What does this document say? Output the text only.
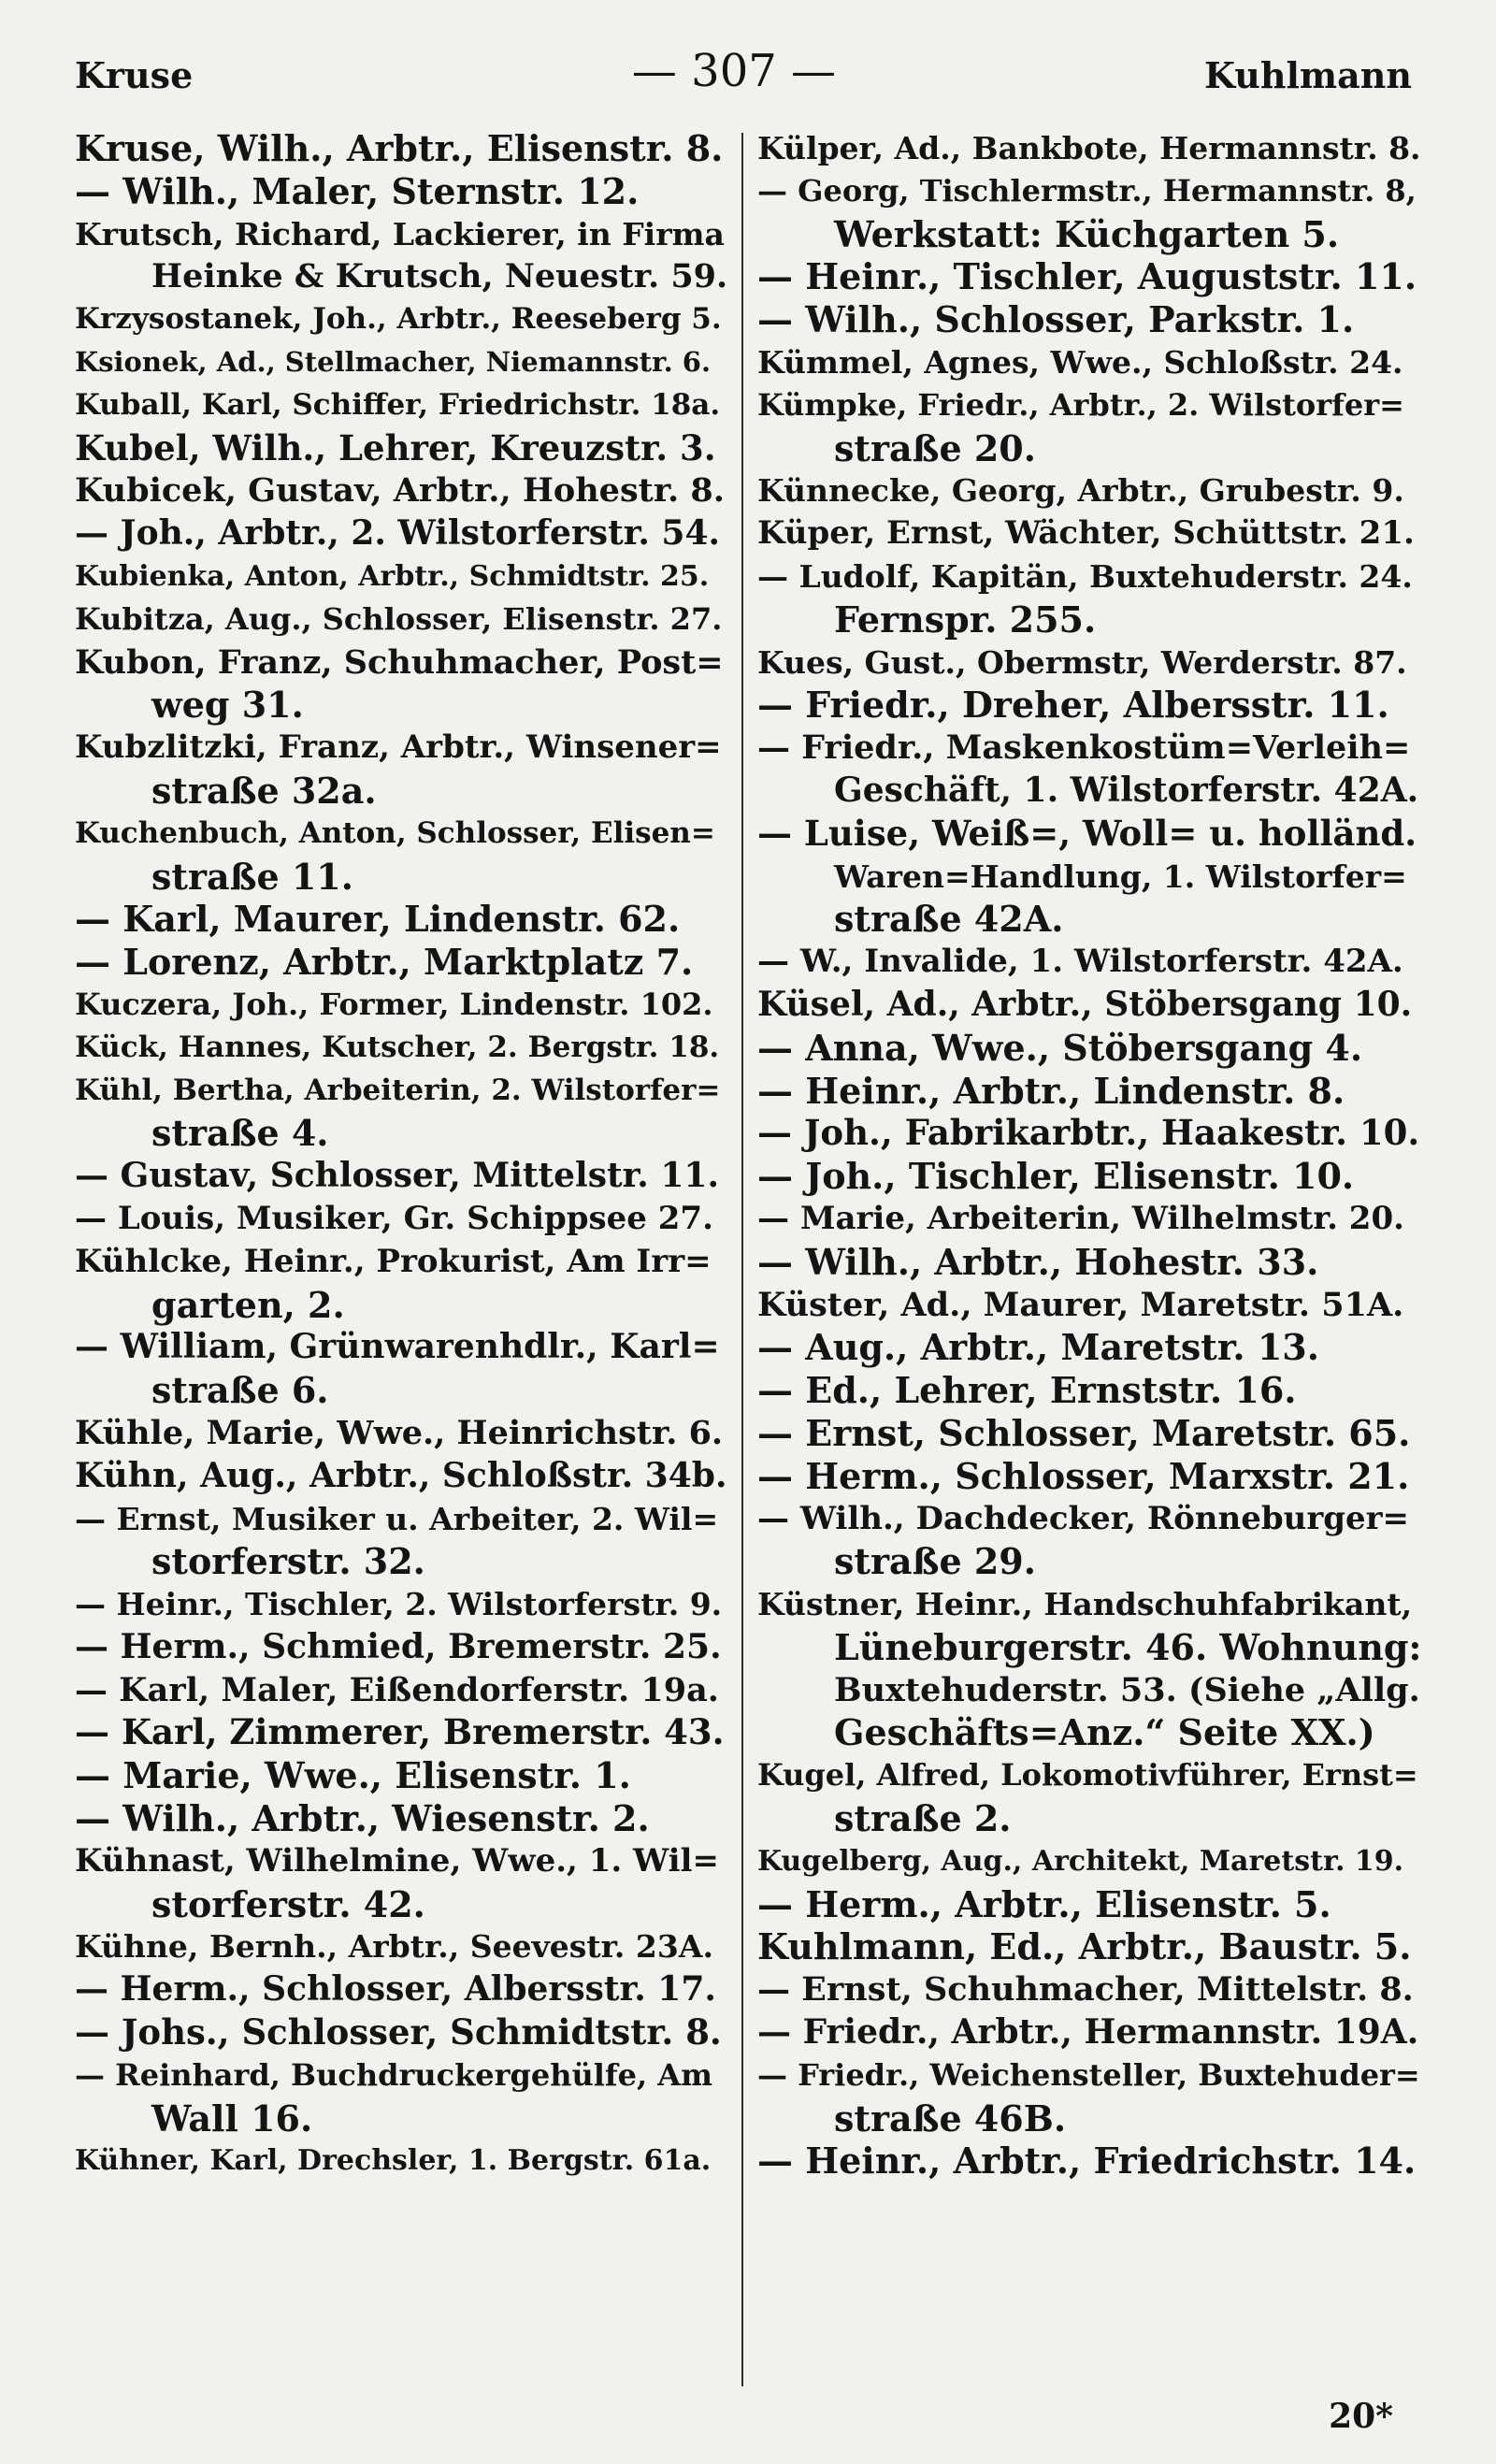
Kruse	— 307 —	Kuhlmann
Kruse, Wilh., Arbtr., Elisenstr. 8.
— Wilh., Maler, Sternstr. 12.
Krutsch, Richard, Lackierer, in Firma
Heinke & Krutsch, Neuestr. 59.
Krzysostanek, Joh., Arbtr., Reeseberg 5.
Ksionek, Ad., Stellmacher, Niemannstr. 6.
Kuball, Karl, Schiffer, Friedrichstr. 18a.
Kubel, Wilh., Lehrer, Kreuzstr. 3.
Kubicek, Gustav, Arbtr., Hohestr. 8.
— Joh., Arbtr., 2. Wilstorferstr. 54.
Kubienka, Anton, Arbtr., Schmidtstr. 25.
Kubitza, Aug., Schlosser, Elisenstr. 27.
Kubon, Franz, Schuhmacher, Post=
weg 31.
Kubzlitzki, Franz, Arbtr., Winsener=
straße 32a.
Kuchenbuch, Anton, Schlosser, Elisen=
straße 11.
— Karl, Maurer, Lindenstr. 62.
— Lorenz, Arbtr., Marktplatz 7.
Kuczera, Joh., Former, Lindenstr. 102.
Kück, Hannes, Kutscher, 2. Bergstr. 18.
Kühl, Bertha, Arbeiterin, 2. Wilstorfer=
straße 4.
— Gustav, Schlosser, Mittelstr. 11.
— Louis, Musiker, Gr. Schippsee 27.
Kühlcke, Heinr., Prokurist, Am Irr=
garten, 2.
— William, Grünwarenhdlr., Karl=
straße 6.
Kühle, Marie, Wwe., Heinrichstr. 6.
Kühn, Aug., Arbtr., Schloßstr. 34b.
— Ernst, Musiker u. Arbeiter, 2. Wil=
storferstr. 32.
— Heinr., Tischler, 2. Wilstorferstr. 9.
— Herm., Schmied, Bremerstr. 25.
— Karl, Maler, Eißendorferstr. 19a.
— Karl, Zimmerer, Bremerstr. 43.
— Marie, Wwe., Elisenstr. 1.
— Wilh., Arbtr., Wiesenstr. 2.
Kühnast, Wilhelmine, Wwe., 1. Wil=
storferstr. 42.
Kühne, Bernh., Arbtr., Seevestr. 23A.
— Herm., Schlosser, Albersstr. 17.
— Johs., Schlosser, Schmidtstr. 8.
— Reinhard, Buchdruckergehülfe, Am
Wall 16.
Kühner, Karl, Drechsler, 1. Bergstr. 61a.
Külper, Ad., Bankbote, Hermannstr. 8.
— Georg, Tischlermstr., Hermannstr. 8,
Werkstatt: Küchgarten 5.
— Heinr., Tischler, Auguststr. 11.
— Wilh., Schlosser, Parkstr. 1.
Kümmel, Agnes, Wwe., Schloßstr. 24.
Kümpke, Friedr., Arbtr., 2. Wilstorfer=
straße 20.
Künnecke, Georg, Arbtr., Grubestr. 9.
Küper, Ernst, Wächter, Schüttstr. 21.
— Ludolf, Kapitän, Buxtehuderstr. 24.
Fernspr. 255.
Kues, Gust., Obermstr, Werderstr. 87.
— Friedr., Dreher, Albersstr. 11.
— Friedr., Maskenkostüm=Verleih=
Geschäft, 1. Wilstorferstr. 42A.
— Luise, Weiß=, Woll= u. holländ.
Waren=Handlung, 1. Wilstorfer=
straße 42A.
— W., Invalide, 1. Wilstorferstr. 42A.
Küsel, Ad., Arbtr., Stöbersgang 10.
— Anna, Wwe., Stöbersgang 4.
— Heinr., Arbtr., Lindenstr. 8.
— Joh., Fabrikarbtr., Haakestr. 10.
— Joh., Tischler, Elisenstr. 10.
— Marie, Arbeiterin, Wilhelmstr. 20.
— Wilh., Arbtr., Hohestr. 33.
Küster, Ad., Maurer, Maretstr. 51A.
— Aug., Arbtr., Maretstr. 13.
— Ed., Lehrer, Ernststr. 16.
— Ernst, Schlosser, Maretstr. 65.
— Herm., Schlosser, Marxstr. 21.
— Wilh., Dachdecker, Rönneburger=
straße 29.
Küstner, Heinr., Handschuhfabrikant,
Lüneburgerstr. 46. Wohnung:
Buxtehuderstr. 53. (Siehe „Allg.
Geschäfts=Anz.“ Seite XX.)
Kugel, Alfred, Lokomotivführer, Ernst=
straße 2.
Kugelberg, Aug., Architekt, Maretstr. 19.
— Herm., Arbtr., Elisenstr. 5.
Kuhlmann, Ed., Arbtr., Baustr. 5.
— Ernst, Schuhmacher, Mittelstr. 8.
— Friedr., Arbtr., Hermannstr. 19A.
— Friedr., Weichensteller, Buxtehuder=
straße 46B.
— Heinr., Arbtr., Friedrichstr. 14.
20*
